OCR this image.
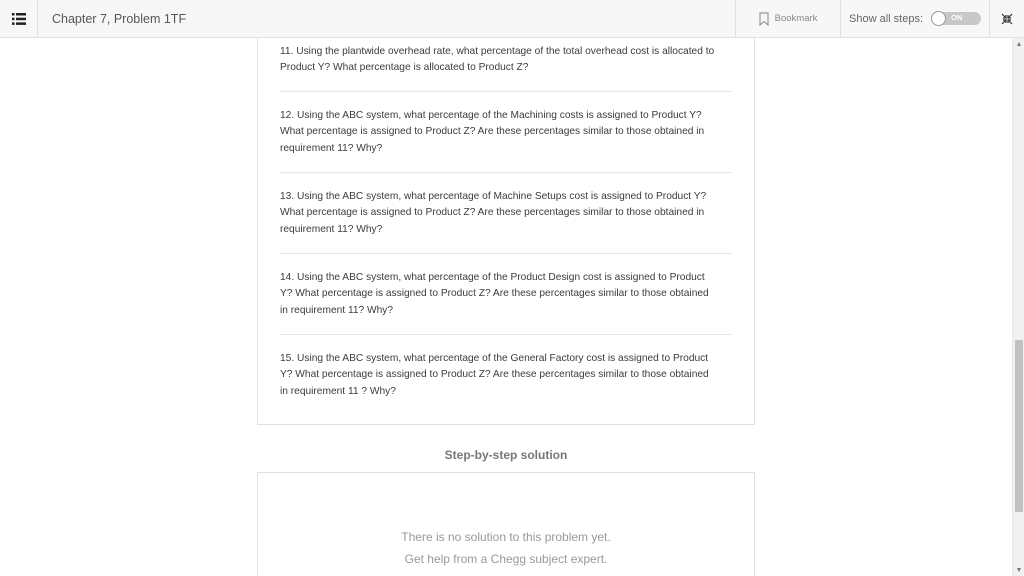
Chapter 7, Problem 1TF	Bookmark	Show all steps:	ON
11. Using the plantwide overhead rate, what percentage of the total overhead cost is allocated to
Product Y? What percentage is allocated to Product Z?
12. Using the ABC system, what percentage of the Machining costs is assigned to Product Y?
What percentage is assigned to Product Z? Are these percentages similar to those obtained in
requirement 11? Why?
13. Using the ABC system, what percentage of Machine Setups cost is assigned to Product Y?
What percentage is assigned to Product Z? Are these percentages similar to those obtained in
requirement 11? Why?
14. Using the ABC system, what percentage of the Product Design cost is assigned to Product
Y? What percentage is assigned to Product Z? Are these percentages similar to those obtained
in requirement 11? Why?
15. Using the ABC system, what percentage of the General Factory cost is assigned to Product
Y? What percentage is assigned to Product Z? Are these percentages similar to those obtained
in requirement 11 ? Why?
Step-by-step solution
There is no solution to this problem yet.
Get help from a Chegg subject expert.
▲
▼
